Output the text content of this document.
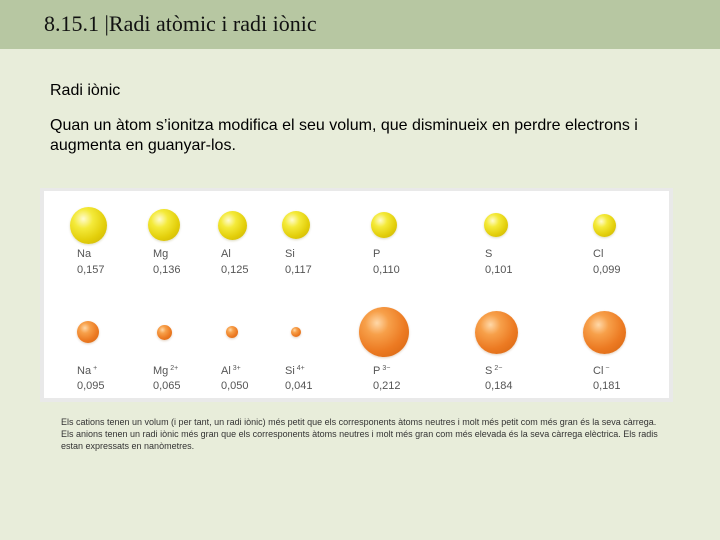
8.15.1 |Radi atòmic i radi iònic
Radi iònic
Quan un àtom s’ionitza modifica el seu volum, que disminueix en perdre electrons i augmenta en guanyar-los.
Na
0,157
Mg
0,136
Al
0,125
Si
0,117
P
0,110
S
0,101
Cl
0,099
Na +
0,095
Mg $^{2+}$
0,065
Al $^{3+}$
0,050
Si $^{4+}$
0,041
P $^{3-}$
0,212
S $^{2-}$
0,184
Cl −
0,181
Els cations tenen un volum (i per tant, un radi iònic) més petit que els corresponents àtoms neutres i molt més petit com més gran és la seva càrrega. Els anions tenen un radi iònic més gran que els corresponents àtoms neutres i molt més gran com més elevada és la seva càrrega elèctrica. Els radis estan expressats en nanòmetres.
